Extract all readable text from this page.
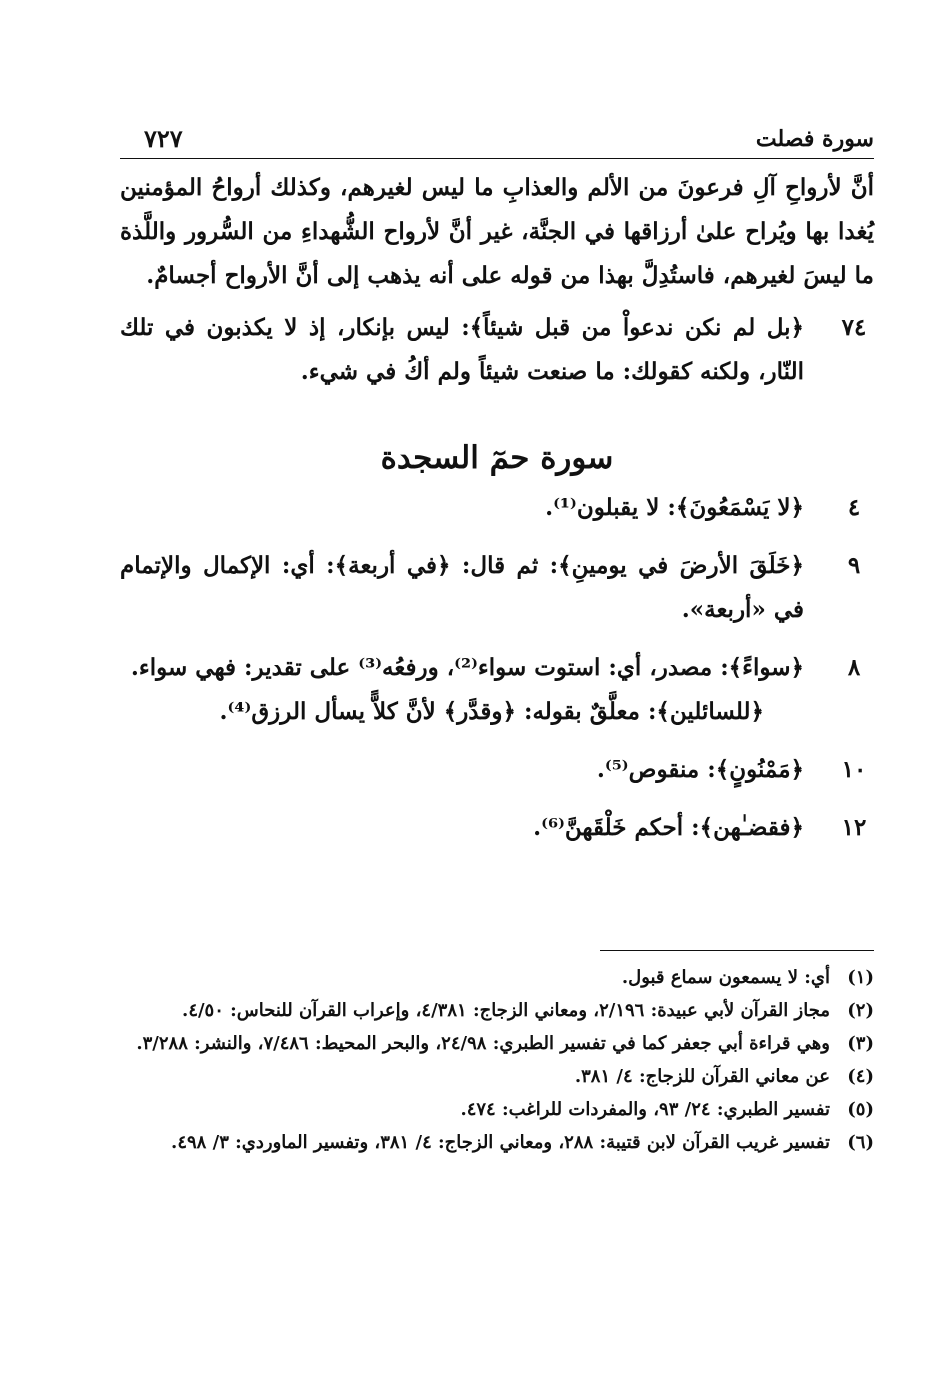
سورة فصلت
٧٢٧

أنَّ لأرواحِ آلِ فرعونَ من الألم والعذابِ ما ليس لغيرهم، وكذلك أرواحُ المؤمنين يُغدا بها ويُراح علىٰ أرزاقها في الجنَّة، غير أنَّ لأرواح الشُّهداءِ من السُّرور واللَّذة ما ليسَ لغيرهم، فاستُدِلَّ بهذا من قوله على أنه يذهب إلى أنَّ الأرواح أجسامٌ.

٧٤
﴿بل لم نكن ندعواْ من قبل شيئاً﴾: ليس بإنكار، إذ لا يكذبون في تلك النّار، ولكنه كقولك: ما صنعت شيئاً ولم أكُ في شيء.
سورة حمٓ السجدة
٤
﴿لا يَسْمَعُونَ﴾: لا يقبلون⁽¹⁾.
٩
﴿خَلَقَ الأرضَ في يومينِ﴾: ثم قال: ﴿في أربعة﴾: أي: الإكمال والإتمام في «أربعة».
٨
﴿سواءً﴾: مصدر، أي: استوت سواء⁽²⁾، ورفعُه⁽³⁾ على تقدير: فهي سواء.
﴿للسائلين﴾: معلَّقٌ بقوله: ﴿وقدَّر﴾ لأنَّ كلاًّ يسأل الرزق⁽⁴⁾.
١٠
﴿مَمْنُونٍ﴾: منقوص⁽⁵⁾.
١٢
﴿فقضـٰهن﴾: أحكم خَلْقَهنَّ⁽⁶⁾.
(١)
أي: لا يسمعون سماع قبول.
(٢)
مجاز القرآن لأبي عبيدة: ٢/١٩٦، ومعاني الزجاج: ٤/٣٨١، وإعراب القرآن للنحاس: ٤/٥٠.
(٣)
وهي قراءة أبي جعفر كما في تفسير الطبري: ٢٤/٩٨، والبحر المحيط: ٧/٤٨٦، والنشر: ٣/٢٨٨.
(٤)
عن معاني القرآن للزجاج: ٤/ ٣٨١.
(٥)
تفسير الطبري: ٢٤/ ٩٣، والمفردات للراغب: ٤٧٤.
(٦)
تفسير غريب القرآن لابن قتيبة: ٢٨٨، ومعاني الزجاج: ٤/ ٣٨١، وتفسير الماوردي: ٣/ ٤٩٨.
